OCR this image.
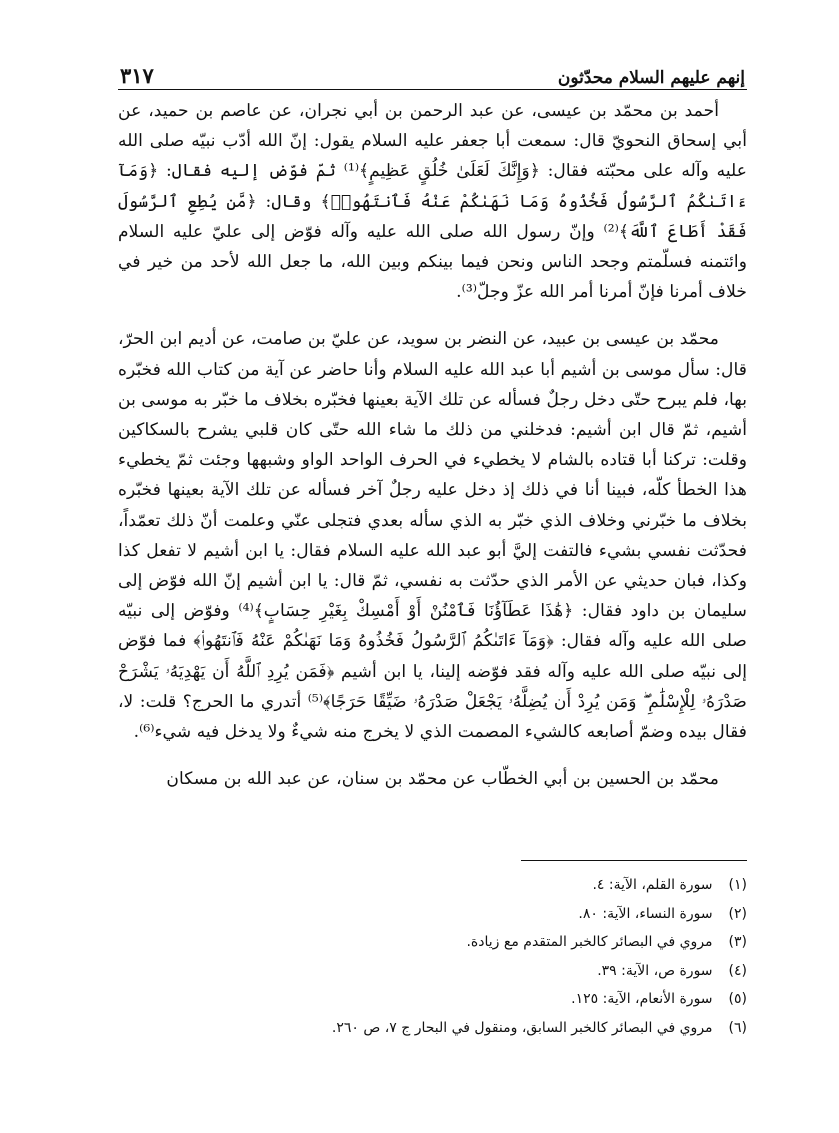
إنهم عليهم السلام محدّثون
٣١٧

أحمد بن محمّد بن عيسى، عن عبد الرحمن بن أبي نجران، عن عاصم بن حميد، عن أبي إسحاق النحويّ قال: سمعت أبا جعفر عليه السلام يقول: إنّ الله أدّب نبيّه صلى الله عليه وآله على محبّته فقال: ﴿وَإِنَّكَ لَعَلَىٰ خُلُقٍ عَظِيمٍ﴾⁽¹⁾ ثمّ فوّض إليه فقال: ﴿وَمَآ ءَاتَىٰكُمُ ٱلرَّسُولُ فَخُذُوهُ وَمَا نَهَىٰكُمْ عَنْهُ فَٱنتَهُوا۟﴾ وقال: ﴿مَّن يُطِعِ ٱلرَّسُولَ فَقَدْ أَطَاعَ ٱللَّهَ﴾⁽²⁾ وإنّ رسول الله صلى الله عليه وآله فوّض إلى عليّ عليه السلام وائتمنه فسلّمتم وجحد الناس ونحن فيما بينكم وبين الله، ما جعل الله لأحد من خير في خلاف أمرنا فإنّ أمرنا أمر الله عزّ وجلّ⁽³⁾.

محمّد بن عيسى بن عبيد، عن النضر بن سويد، عن عليّ بن صامت، عن أديم ابن الحرّ، قال: سأل موسى بن أشيم أبا عبد الله عليه السلام وأنا حاضر عن آية من كتاب الله فخبّره بها، فلم يبرح حتّى دخل رجلٌ فسأله عن تلك الآية بعينها فخبّره بخلاف ما خبّر به موسى بن أشيم، ثمّ قال ابن أشيم: فدخلني من ذلك ما شاء الله حتّى كان قلبي يشرح بالسكاكين وقلت: تركنا أبا قتاده بالشام لا يخطيء في الحرف الواحد الواو وشبهها وجئت ثمّ يخطيء هذا الخطأ كلّه، فبينا أنا في ذلك إذ دخل عليه رجلٌ آخر فسأله عن تلك الآية بعينها فخبّره بخلاف ما خبّرني وخلاف الذي خبّر به الذي سأله بعدي فتجلى عنّي وعلمت أنّ ذلك تعمّداً، فحدّثت نفسي بشيء فالتفت إليَّ أبو عبد الله عليه السلام فقال: يا ابن أشيم لا تفعل كذا وكذا، فبان حديثي عن الأمر الذي حدّثت به نفسي، ثمّ قال: يا ابن أشيم إنّ الله فوّض إلى سليمان بن داود فقال: ﴿هَٰذَا عَطَآؤُنَا فَٱمْنُنْ أَوْ أَمْسِكْ بِغَيْرِ حِسَابٍ﴾⁽⁴⁾ وفوّض إلى نبيّه صلى الله عليه وآله فقال: ﴿وَمَآ ءَاتَىٰكُمُ ٱلرَّسُولُ فَخُذُوهُ وَمَا نَهَىٰكُمْ عَنْهُ فَٱنتَهُوا۟﴾ فما فوّض إلى نبيّه صلى الله عليه وآله فقد فوّضه إلينا، يا ابن أشيم ﴿فَمَن يُرِدِ ٱللَّهُ أَن يَهْدِيَهُۥ يَشْرَحْ صَدْرَهُۥ لِلْإِسْلَٰمِ ۖ وَمَن يُرِدْ أَن يُضِلَّهُۥ يَجْعَلْ صَدْرَهُۥ ضَيِّقًا حَرَجًا﴾⁽⁵⁾ أتدري ما الحرج؟ قلت: لا، فقال بيده وضمّ أصابعه كالشيء المصمت الذي لا يخرج منه شيءٌ ولا يدخل فيه شيء⁽⁶⁾.

محمّد بن الحسين بن أبي الخطّاب عن محمّد بن سنان، عن عبد الله بن مسكان

(١) سورة القلم، الآية: ٤.
(٢) سورة النساء، الآية: ٨٠.
(٣) مروي في البصائر كالخبر المتقدم مع زيادة.
(٤) سورة ص، الآية: ٣٩.
(٥) سورة الأنعام، الآية: ١٢٥.
(٦) مروي في البصائر كالخبر السابق، ومنقول في البحار ج ٧، ص ٢٦٠.
